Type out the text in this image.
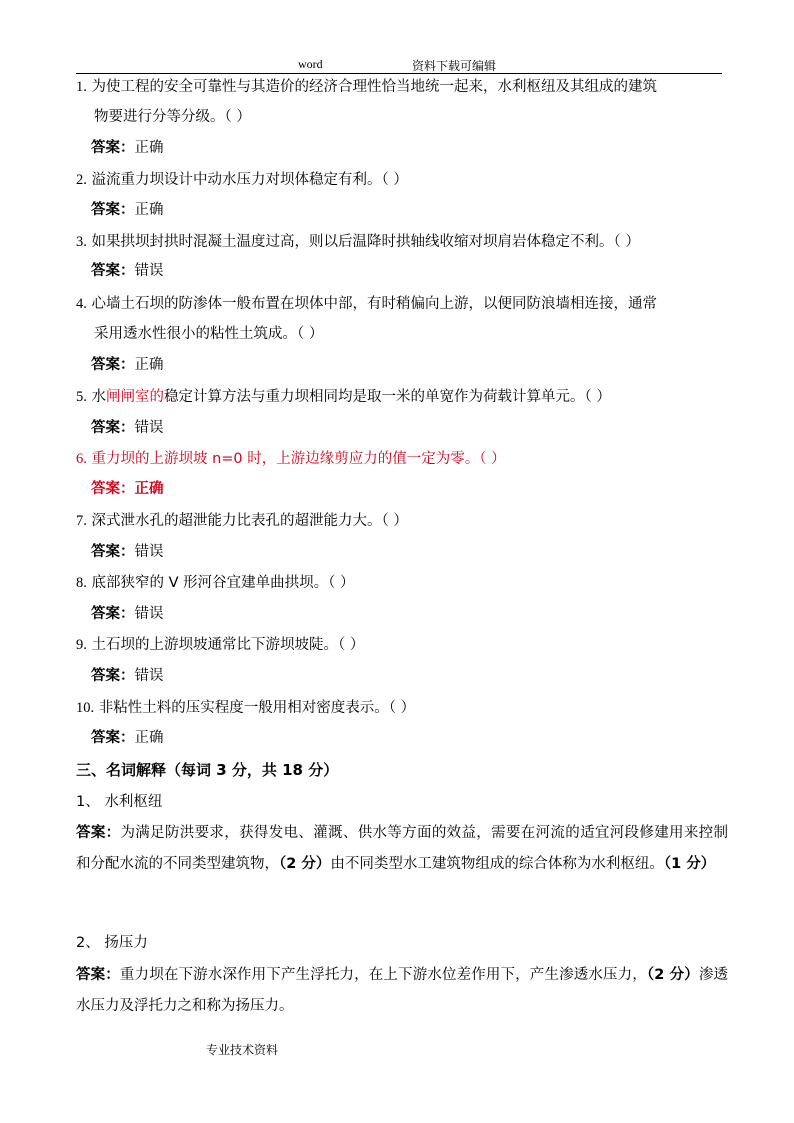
word	资料下载可编辑
1. 为使工程的安全可靠性与其造价的经济合理性恰当地统一起来，水利枢纽及其组成的建筑
物要进行分等分级。（ ）
答案：正确
2. 溢流重力坝设计中动水压力对坝体稳定有利。（ ）
答案：正确
3. 如果拱坝封拱时混凝土温度过高，则以后温降时拱轴线收缩对坝肩岩体稳定不利。（ ）
答案：错误
4. 心墙土石坝的防渗体一般布置在坝体中部，有时稍偏向上游，以便同防浪墙相连接，通常
采用透水性很小的粘性土筑成。（ ）
答案：正确
5. 水闸闸室的稳定计算方法与重力坝相同均是取一米的单宽作为荷载计算单元。（ ）
答案：错误
6. 重力坝的上游坝坡 n=0 时，上游边缘剪应力的值一定为零。（ ）
答案：正确
7. 深式泄水孔的超泄能力比表孔的超泄能力大。（ ）
答案：错误
8. 底部狭窄的 V 形河谷宜建单曲拱坝。（ ）
答案：错误
9. 土石坝的上游坝坡通常比下游坝坡陡。（ ）
答案：错误
10. 非粘性土料的压实程度一般用相对密度表示。（ ）
答案：正确
三、名词解释（每词 3 分，共 18 分）
1、 水利枢纽
答案：为满足防洪要求，获得发电、灌溉、供水等方面的效益，需要在河流的适宜河段修建用来控制和分配水流的不同类型建筑物，（2 分）由不同类型水工建筑物组成的综合体称为水利枢纽。（1 分）
2、 扬压力
答案：重力坝在下游水深作用下产生浮托力，在上下游水位差作用下，产生渗透水压力，（2 分）渗透水压力及浮托力之和称为扬压力。
专业技术资料
